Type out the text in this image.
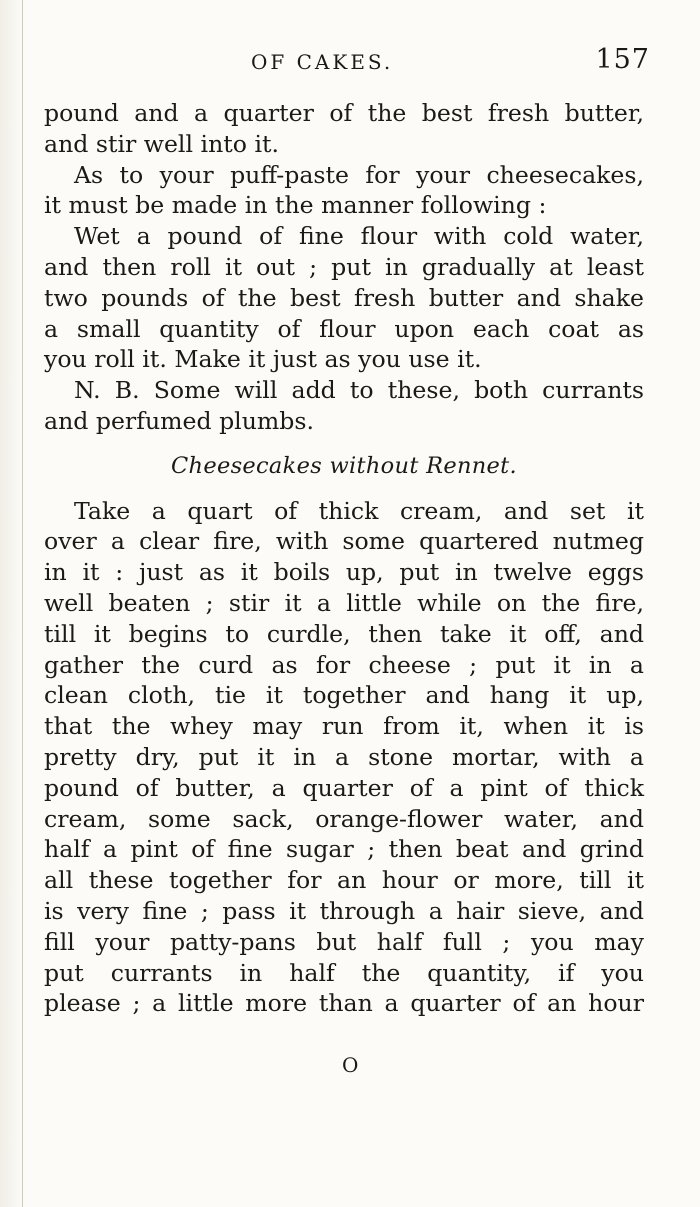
OF CAKES.	157
pound and a quarter of the best fresh butter,
and stir well into it.
As to your puff-paste for your cheesecakes,
it must be made in the manner following :
Wet a pound of fine flour with cold water,
and then roll it out ; put in gradually at least
two pounds of the best fresh butter and shake
a small quantity of flour upon each coat as
you roll it. Make it just as you use it.
N. B. Some will add to these, both currants
and perfumed plumbs.
Cheesecakes without Rennet.
Take a quart of thick cream, and set it
over a clear fire, with some quartered nutmeg
in it : just as it boils up, put in twelve eggs
well beaten ; stir it a little while on the fire,
till it begins to curdle, then take it off, and
gather the curd as for cheese ; put it in a
clean cloth, tie it together and hang it up,
that the whey may run from it, when it is
pretty dry, put it in a stone mortar, with a
pound of butter, a quarter of a pint of thick
cream, some sack, orange-flower water, and
half a pint of fine sugar ; then beat and grind
all these together for an hour or more, till it
is very fine ; pass it through a hair sieve, and
fill your patty-pans but half full ; you may
put currants in half the quantity, if you
please ; a little more than a quarter of an hour
O
